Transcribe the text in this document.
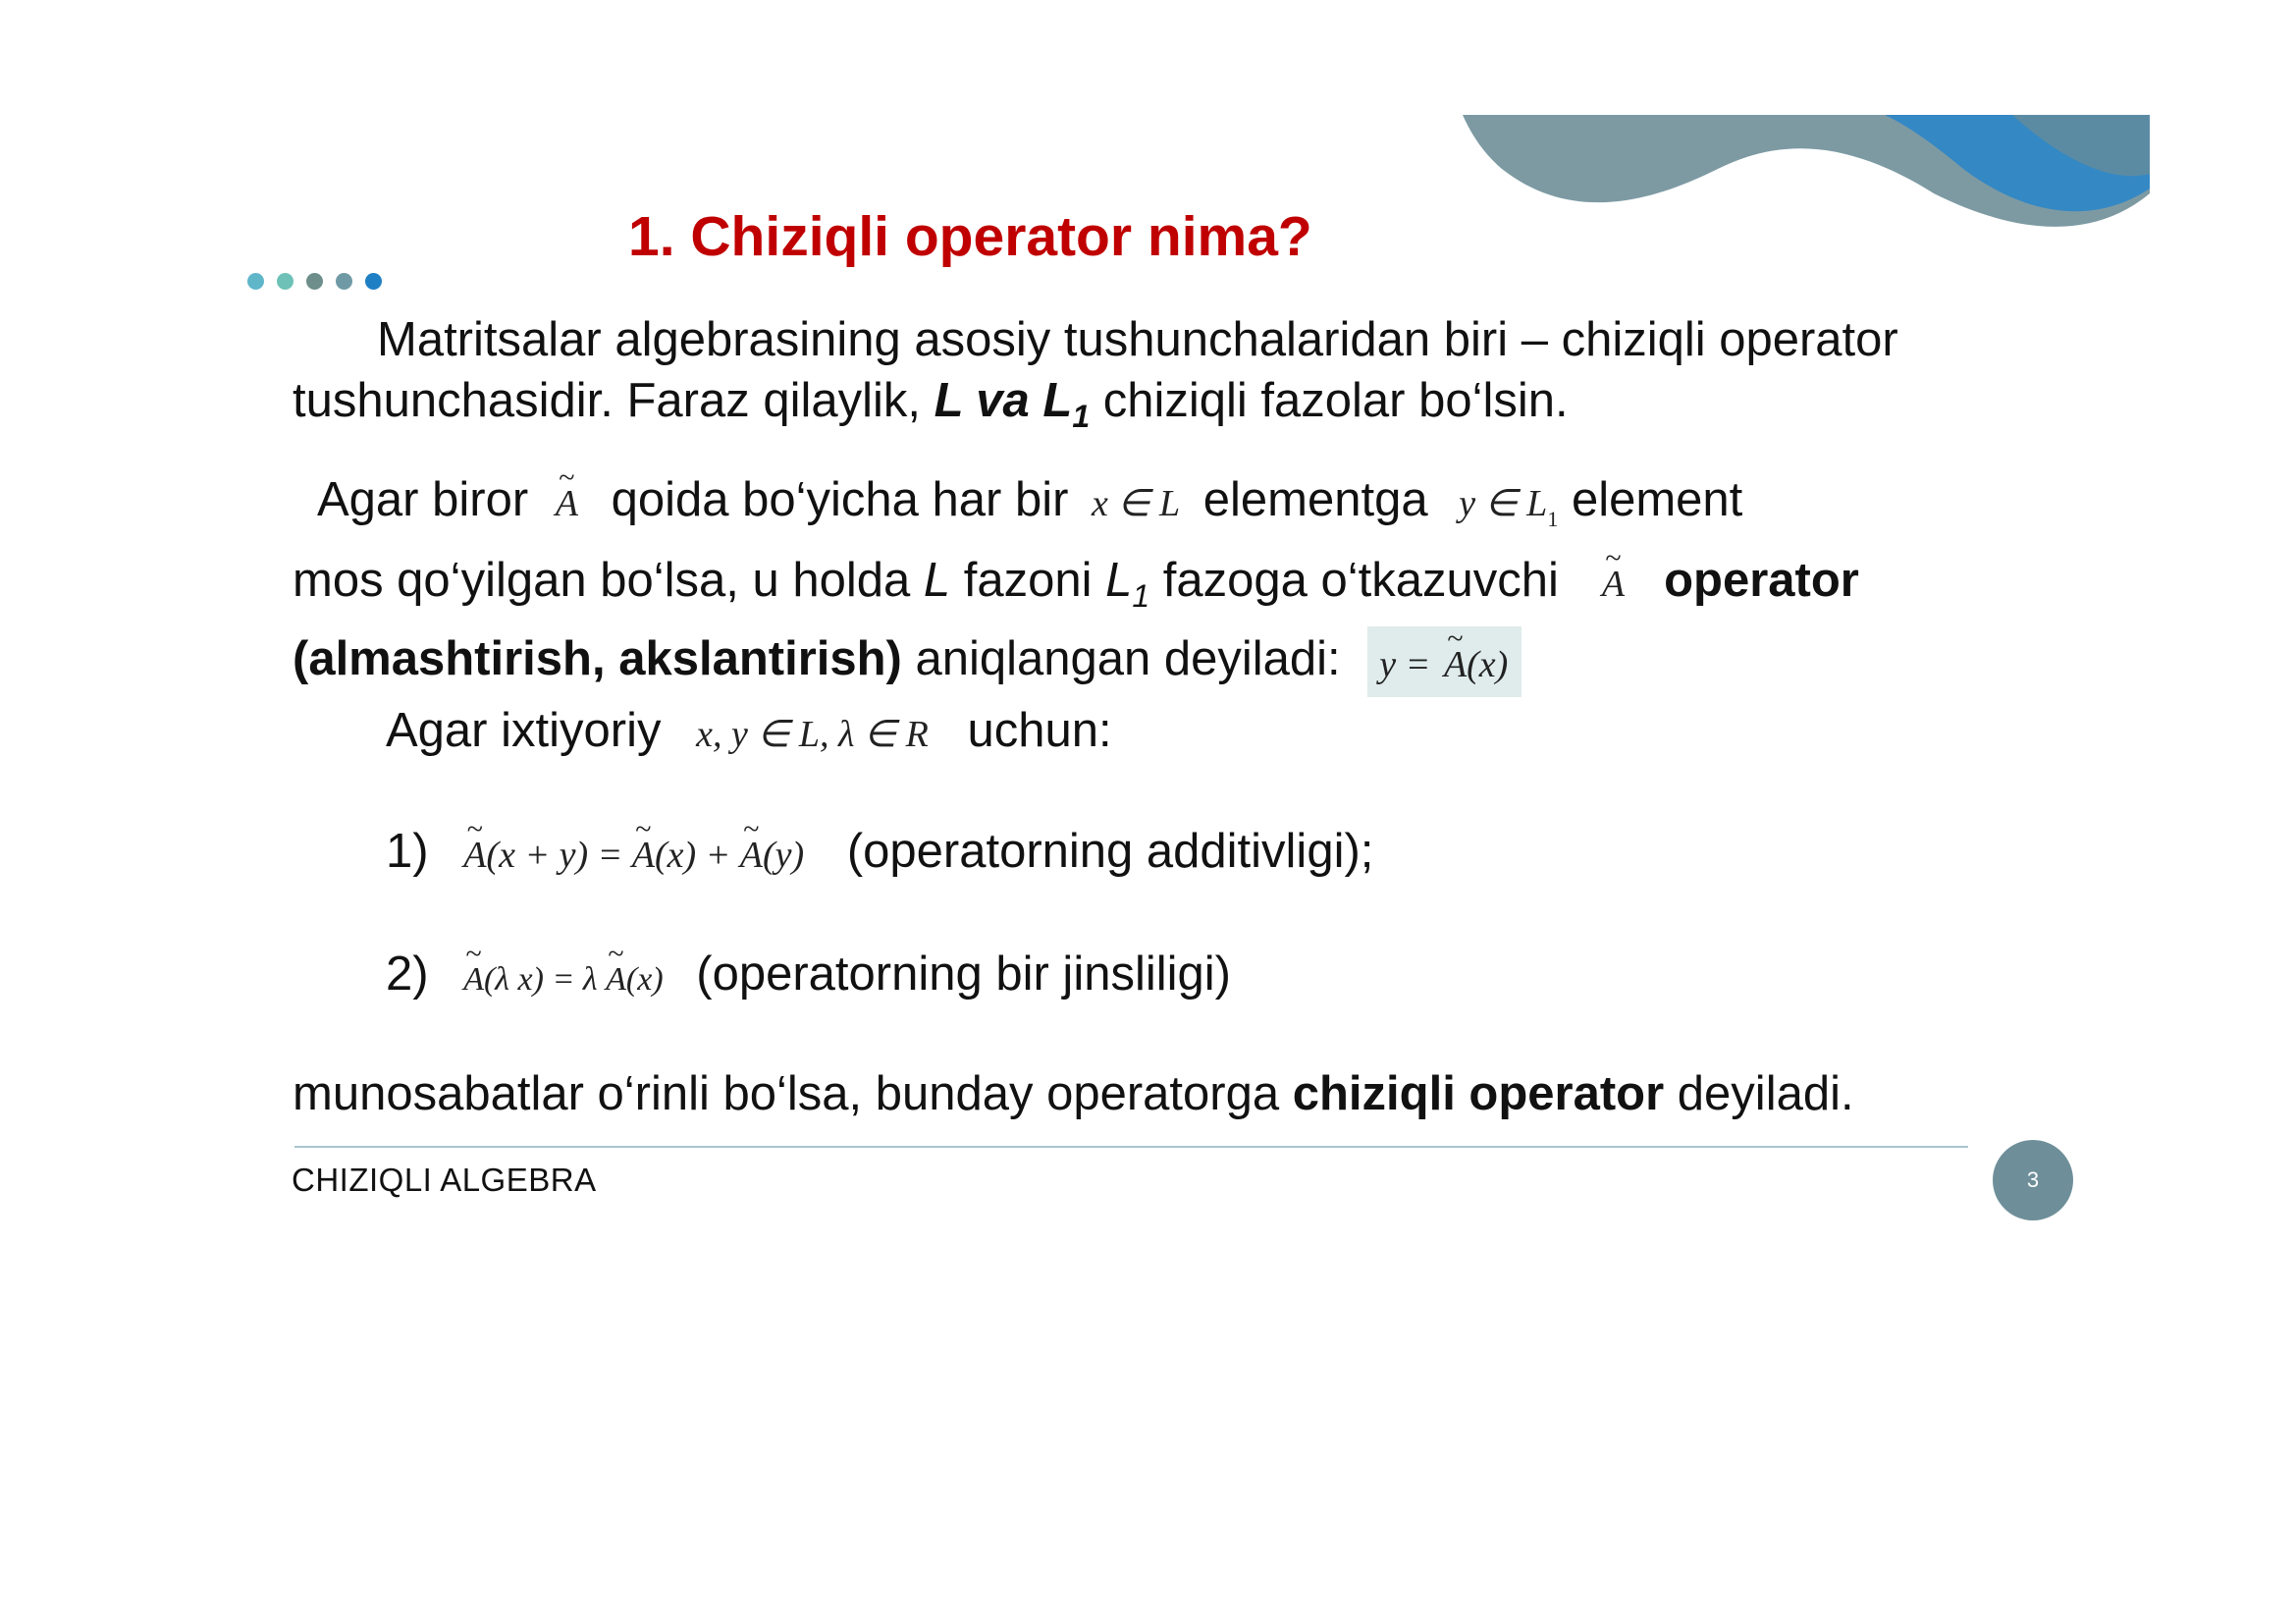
1. Chiziqli operator nima?
Matritsalar algebrasining asosiy tushunchalaridan biri – chiziqli operator
tushunchasidir. Faraz qilaylik, L va $L_1$ chiziqli fazolar bo‘lsin.
Agar biror ~ A qoida bo‘yicha har bir x ∈ L elementga y ∈ $L_1$ element
mos qo‘yilgan bo‘lsa, u holda L fazoni $L_1$ fazoga o‘tkazuvchi ~ A operator
(almashtirish, akslantirish) aniqlangan deyiladi: y = ~ A(x)
Agar ixtiyoriy x, y ∈ L, λ ∈ R uchun:
1) ~ A(x + y) = ~ A(x) + ~ A(y) (operatorning additivligi);
2) ~ A(λ x) = λ ~ A(x) (operatorning bir jinsliligi)
munosabatlar o‘rinli bo‘lsa, bunday operatorga chiziqli operator deyiladi.
CHIZIQLI ALGEBRA	3
